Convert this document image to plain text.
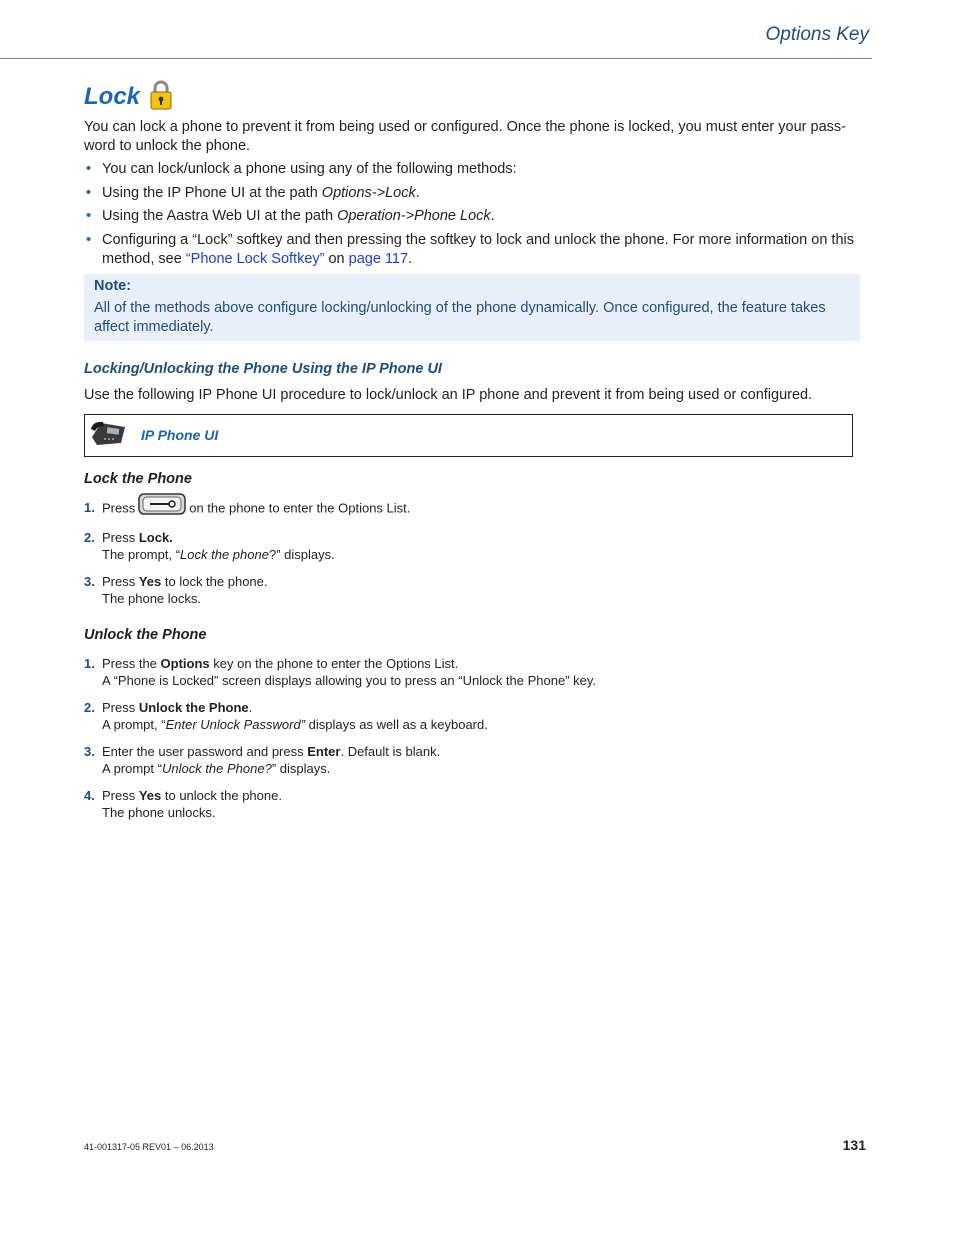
Options Key
Lock

You can lock a phone to prevent it from being used or configured. Once the phone is locked, you must enter your pass-word to unlock the phone.

• You can lock/unlock a phone using any of the following methods:
• Using the IP Phone UI at the path Options->Lock.
• Using the Aastra Web UI at the path Operation->Phone Lock.
• Configuring a “Lock” softkey and then pressing the softkey to lock and unlock the phone. For more information on this method, see “Phone Lock Softkey” on page 117.
Note:
All of the methods above configure locking/unlocking of the phone dynamically. Once configured, the feature takes affect immediately.
Locking/Unlocking the Phone Using the IP Phone UI

Use the following IP Phone UI procedure to lock/unlock an IP phone and prevent it from being used or configured.

IP Phone UI
Lock the Phone
1. Press	on the phone to enter the Options List.
2. Press Lock.
The prompt, “Lock the phone?” displays.
3. Press Yes to lock the phone.
The phone locks.
Unlock the Phone
1. Press the Options key on the phone to enter the Options List.
A “Phone is Locked” screen displays allowing you to press an “Unlock the Phone” key.
2. Press Unlock the Phone.
A prompt, “Enter Unlock Password” displays as well as a keyboard.
3. Enter the user password and press Enter. Default is blank.
A prompt “Unlock the Phone?” displays.
4. Press Yes to unlock the phone.
The phone unlocks.
41-001317-05 REV01 – 06.2013	131
